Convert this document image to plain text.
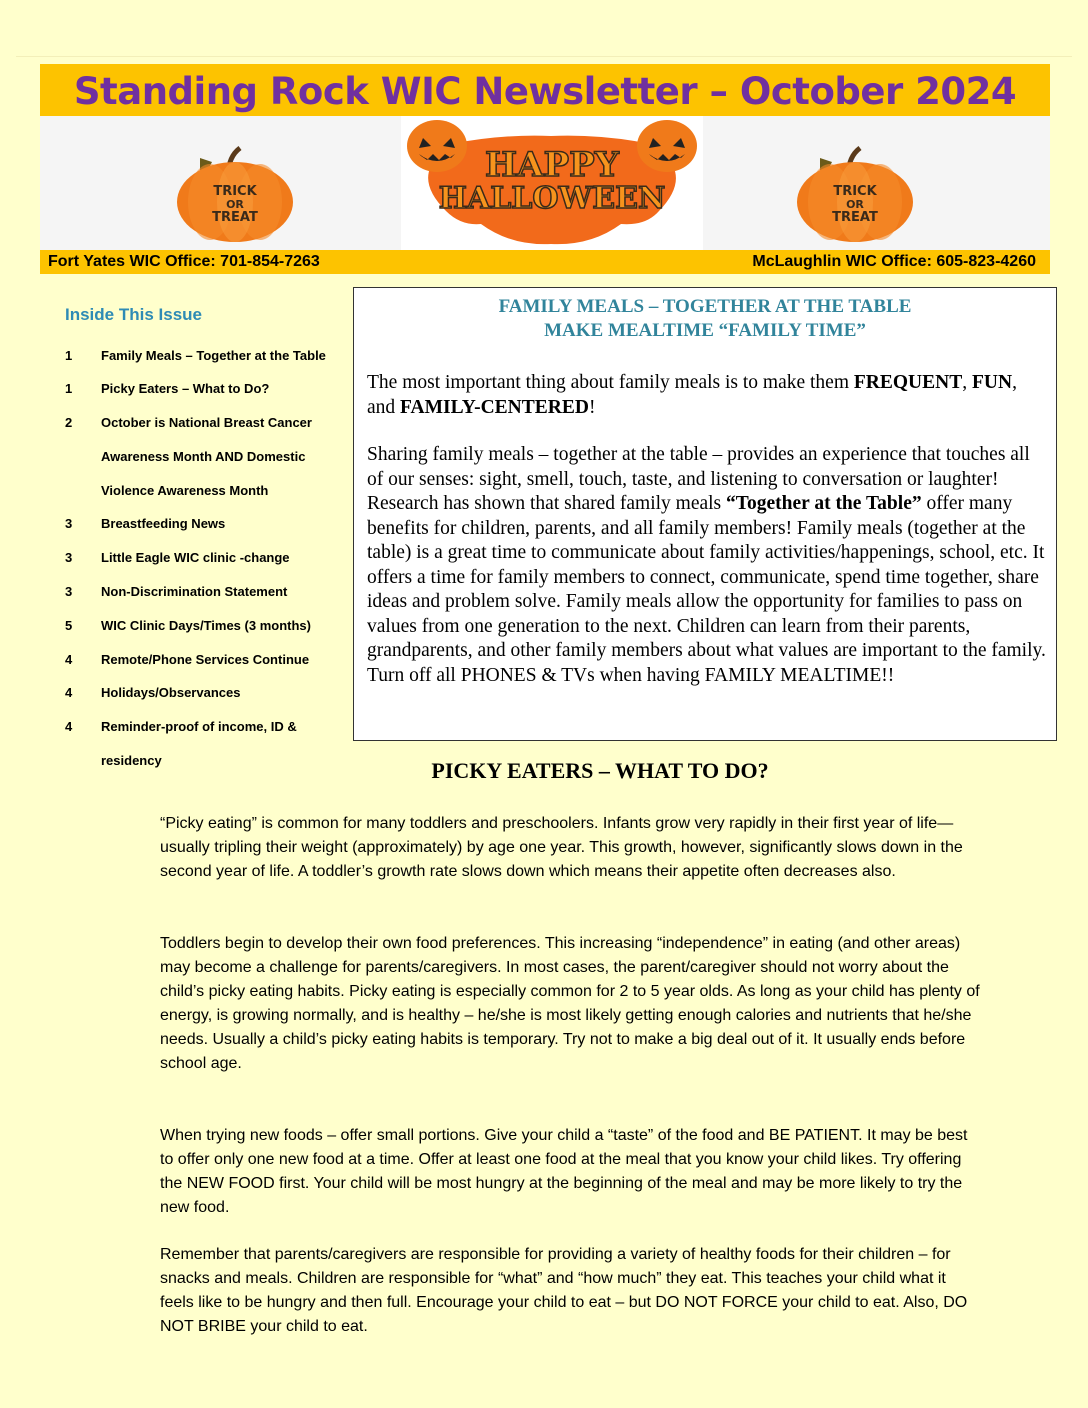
Standing Rock WIC Newsletter – October 2024
TRICK
OR
TREAT
HAPPY
HALLOWEEN	TRICK
OR
TREAT
Fort Yates WIC Office: 701-854-7263	McLaughlin WIC Office: 605-823-4260
Inside This Issue
1 Family Meals – Together at the Table
1 Picky Eaters – What to Do?
2 October is National Breast Cancer
Awareness Month AND Domestic
Violence Awareness Month
3 Breastfeeding News
3 Little Eagle WIC clinic -change
3 Non-Discrimination Statement
5 WIC Clinic Days/Times (3 months)
4 Remote/Phone Services Continue
4 Holidays/Observances
4 Reminder-proof of income, ID &
residency
FAMILY MEALS – TOGETHER AT THE TABLE
MAKE MEALTIME “FAMILY TIME”

The most important thing about family meals is to make them FREQUENT, FUN, and FAMILY-CENTERED!

Sharing family meals – together at the table – provides an experience that touches all of our senses: sight, smell, touch, taste, and listening to conversation or laughter! Research has shown that shared family meals “Together at the Table” offer many benefits for children, parents, and all family members! Family meals (together at the table) is a great time to communicate about family activities/happenings, school, etc. It offers a time for family members to connect, communicate, spend time together, share ideas and problem solve. Family meals allow the opportunity for families to pass on values from one generation to the next. Children can learn from their parents, grandparents, and other family members about what values are important to the family. Turn off all PHONES & TVs when having FAMILY MEALTIME!!

PICKY EATERS – WHAT TO DO?

“Picky eating” is common for many toddlers and preschoolers. Infants grow very rapidly in their first year of life—usually tripling their weight (approximately) by age one year. This growth, however, significantly slows down in the second year of life. A toddler’s growth rate slows down which means their appetite often decreases also.

Toddlers begin to develop their own food preferences. This increasing “independence” in eating (and other areas) may become a challenge for parents/caregivers. In most cases, the parent/caregiver should not worry about the child’s picky eating habits. Picky eating is especially common for 2 to 5 year olds. As long as your child has plenty of energy, is growing normally, and is healthy – he/she is most likely getting enough calories and nutrients that he/she needs. Usually a child’s picky eating habits is temporary. Try not to make a big deal out of it. It usually ends before school age.

When trying new foods – offer small portions. Give your child a “taste” of the food and BE PATIENT. It may be best to offer only one new food at a time. Offer at least one food at the meal that you know your child likes. Try offering the NEW FOOD first. Your child will be most hungry at the beginning of the meal and may be more likely to try the new food.

Remember that parents/caregivers are responsible for providing a variety of healthy foods for their children – for snacks and meals. Children are responsible for “what” and “how much” they eat. This teaches your child what it feels like to be hungry and then full. Encourage your child to eat – but DO NOT FORCE your child to eat. Also, DO NOT BRIBE your child to eat.
